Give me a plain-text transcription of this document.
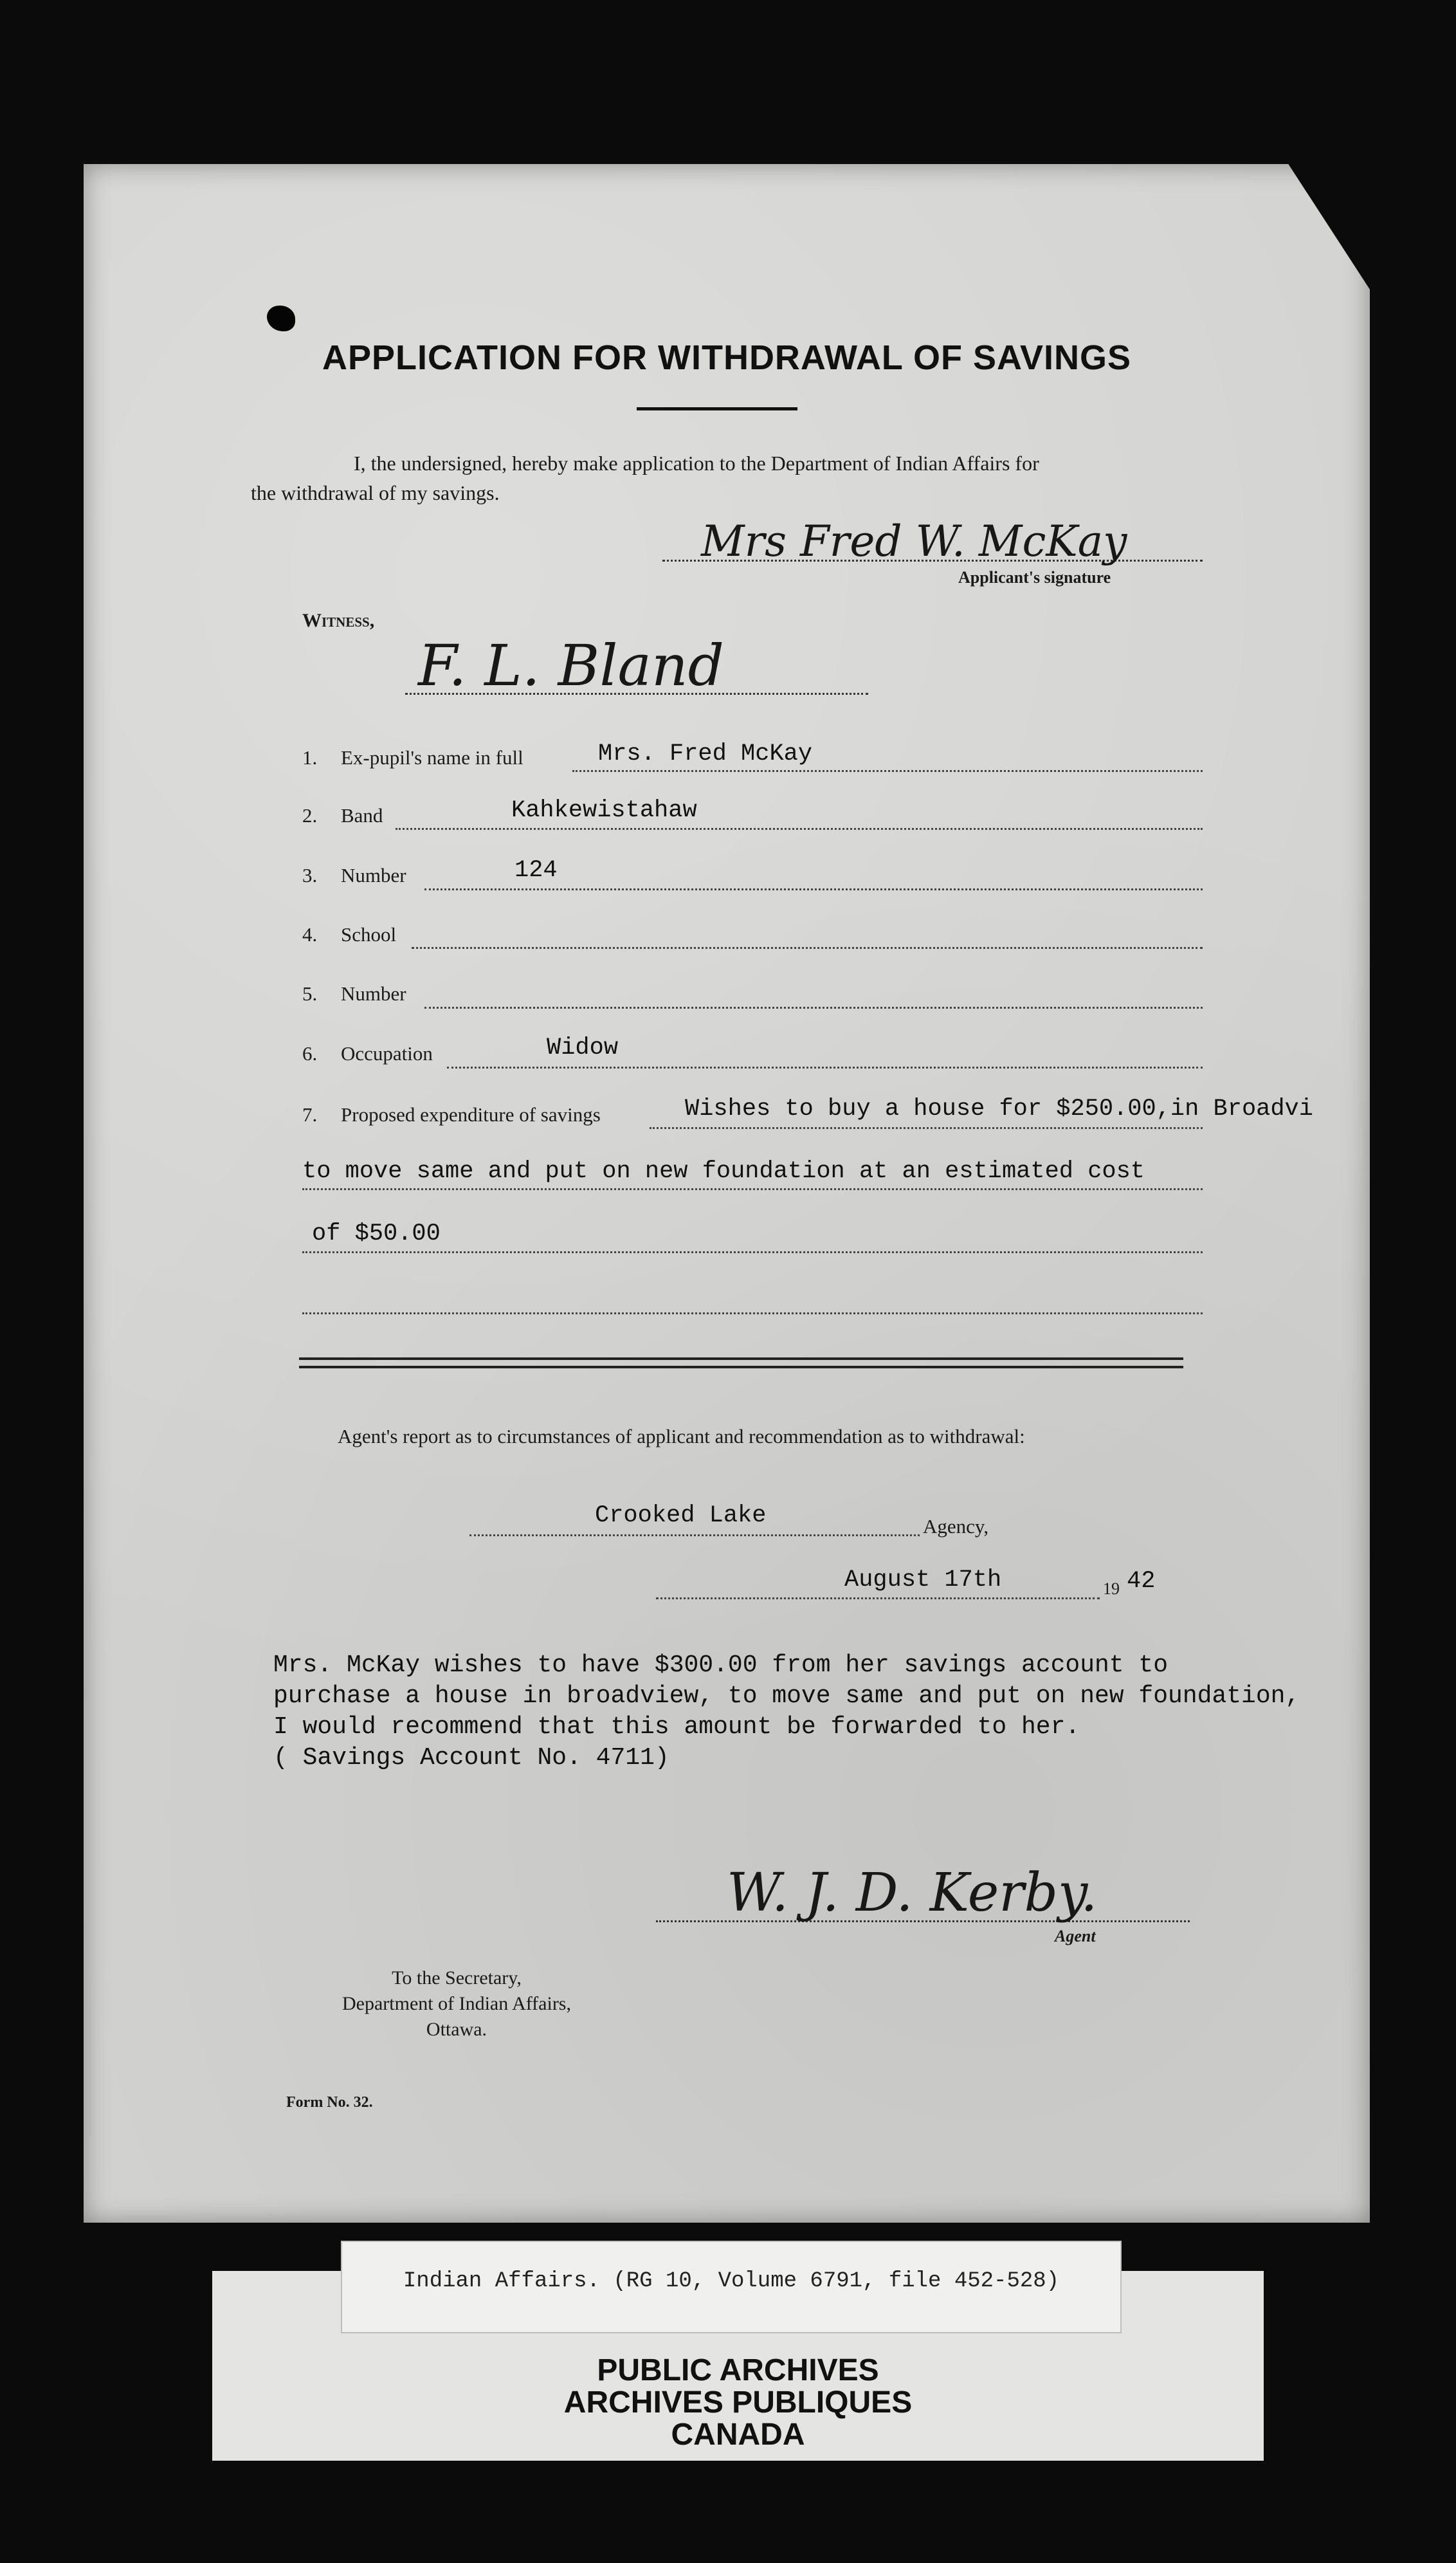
APPLICATION FOR WITHDRAWAL OF SAVINGS
I, the undersigned, hereby make application to the Department of Indian Affairs for
the withdrawal of my savings.
Mrs Fred W. McKay
Applicant's signature
Witness,
F. L. Bland
1. Ex-pupil's name in full	Mrs. Fred McKay
2. Band	Kahkewistahaw
3. Number	124
4. School
5. Number
6. Occupation	Widow
7. Proposed expenditure of savings	Wishes to buy a house for $250.00,in Broadvi
to move same and put on new foundation at an estimated cost
of $50.00
Agent's report as to circumstances of applicant and recommendation as to withdrawal:
Crooked Lake	Agency,
August 17th	19 42
Mrs. McKay wishes to have $300.00 from her savings account to
purchase a house in broadview, to move same and put on new foundation,
I would recommend that this amount be forwarded to her.
( Savings Account No. 4711)
W. J. D. Kerby.
Agent
To the Secretary,
Department of Indian Affairs,
Ottawa.
Form No. 32.
Indian Affairs. (RG 10, Volume 6791, file 452-528)
PUBLIC ARCHIVES
ARCHIVES PUBLIQUES
CANADA
